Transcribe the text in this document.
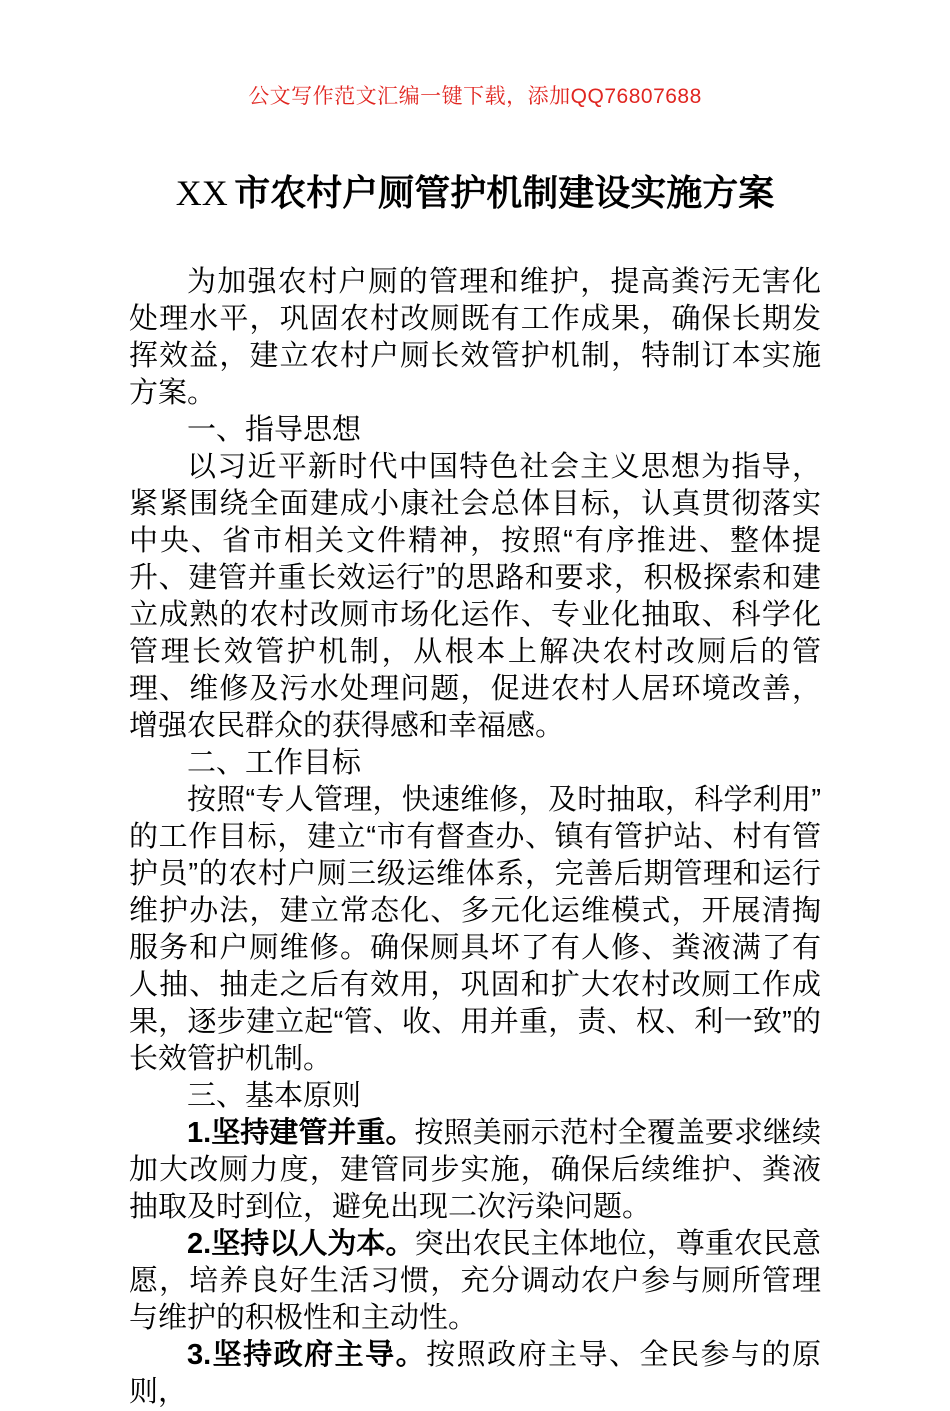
公文写作范文汇编一键下载，添加QQ76807688
XX 市农村户厕管护机制建设实施方案

为加强农村户厕的管理和维护，提高粪污无害化处理水平，巩固农村改厕既有工作成果，确保长期发挥效益，建立农村户厕长效管护机制，特制订本实施方案。

一、指导思想

以习近平新时代中国特色社会主义思想为指导，紧紧围绕全面建成小康社会总体目标，认真贯彻落实中央、省市相关文件精神，按照“有序推进、整体提升、建管并重长效运行”的思路和要求，积极探索和建立成熟的农村改厕市场化运作、专业化抽取、科学化管理长效管护机制，从根本上解决农村改厕后的管理、维修及污水处理问题，促进农村人居环境改善，增强农民群众的获得感和幸福感。

二、工作目标

按照“专人管理，快速维修，及时抽取，科学利用”的工作目标，建立“市有督查办、镇有管护站、村有管护员”的农村户厕三级运维体系，完善后期管理和运行维护办法，建立常态化、多元化运维模式，开展清掏服务和户厕维修。确保厕具坏了有人修、粪液满了有人抽、抽走之后有效用，巩固和扩大农村改厕工作成果，逐步建立起“管、收、用并重，责、权、利一致”的长效管护机制。

三、基本原则

1.坚持建管并重。按照美丽示范村全覆盖要求继续加大改厕力度，建管同步实施，确保后续维护、粪液抽取及时到位，避免出现二次污染问题。

2.坚持以人为本。突出农民主体地位，尊重农民意愿，培养良好生活习惯，充分调动农户参与厕所管理与维护的积极性和主动性。

3.坚持政府主导。按照政府主导、全民参与的原则，
